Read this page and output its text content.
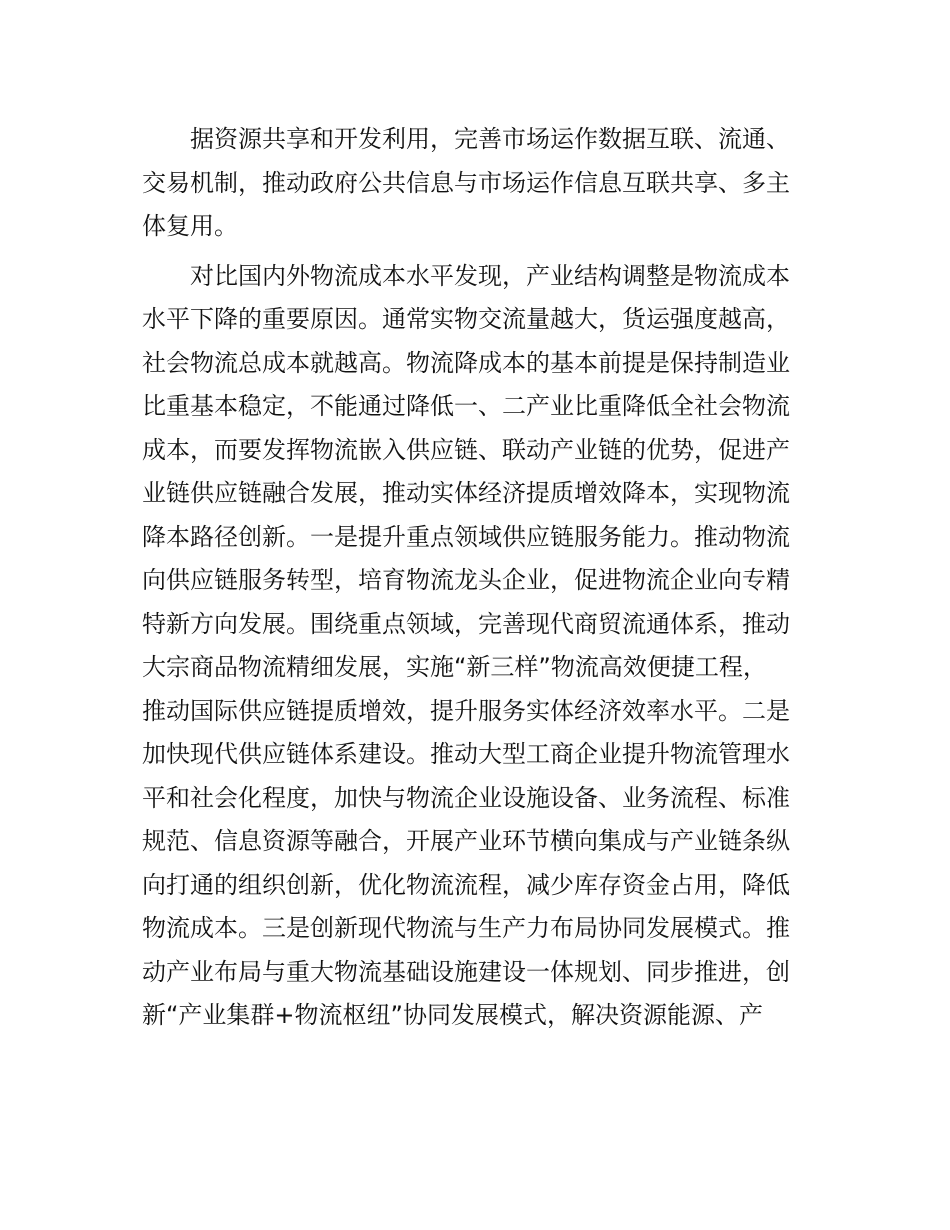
据资源共享和开发利用，完善市场运作数据互联、流通、
交易机制，推动政府公共信息与市场运作信息互联共享、多主
体复用。
对比国内外物流成本水平发现，产业结构调整是物流成本
水平下降的重要原因。通常实物交流量越大，货运强度越高，
社会物流总成本就越高。物流降成本的基本前提是保持制造业
比重基本稳定，不能通过降低一、二产业比重降低全社会物流
成本，而要发挥物流嵌入供应链、联动产业链的优势，促进产
业链供应链融合发展，推动实体经济提质增效降本，实现物流
降本路径创新。一是提升重点领域供应链服务能力。推动物流
向供应链服务转型，培育物流龙头企业，促进物流企业向专精
特新方向发展。围绕重点领域，完善现代商贸流通体系，推动
大宗商品物流精细发展，实施“新三样”物流高效便捷工程，
推动国际供应链提质增效，提升服务实体经济效率水平。二是
加快现代供应链体系建设。推动大型工商企业提升物流管理水
平和社会化程度，加快与物流企业设施设备、业务流程、标准
规范、信息资源等融合，开展产业环节横向集成与产业链条纵
向打通的组织创新，优化物流流程，减少库存资金占用，降低
物流成本。三是创新现代物流与生产力布局协同发展模式。推
动产业布局与重大物流基础设施建设一体规划、同步推进，创
新“产业集群+物流枢纽”协同发展模式，解决资源能源、产
